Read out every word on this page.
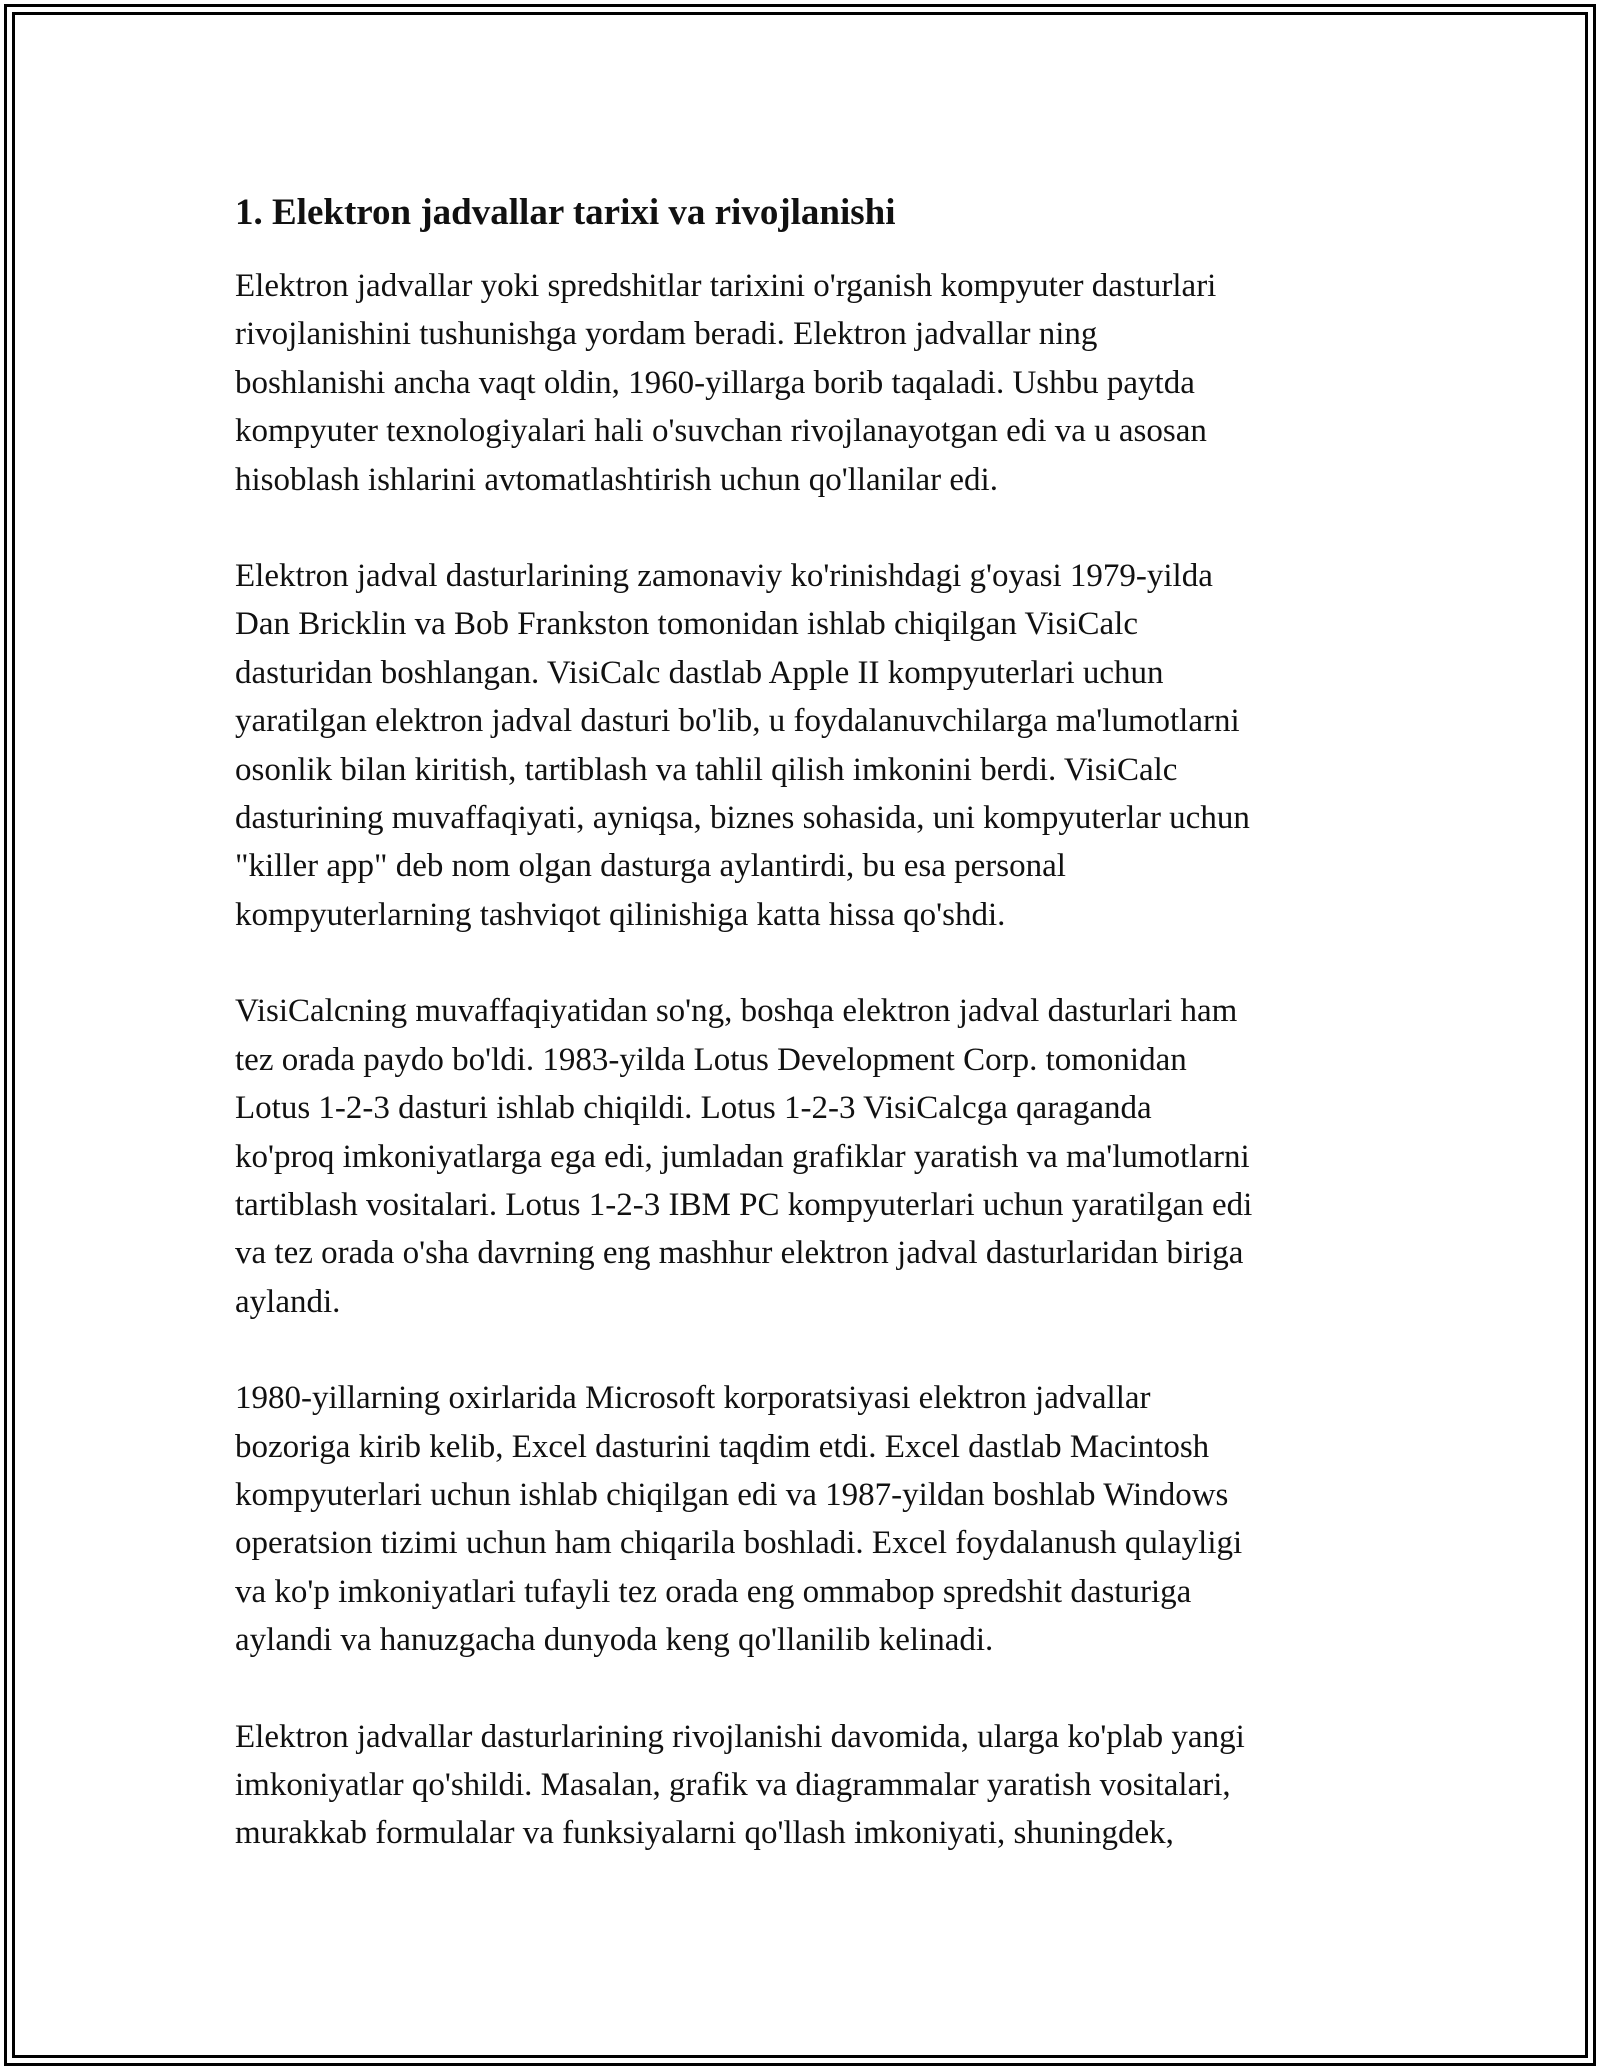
1. Elektron jadvallar tarixi va rivojlanishi

Elektron jadvallar yoki spredshitlar tarixini o'rganish kompyuter dasturlari
rivojlanishini tushunishga yordam beradi. Elektron jadvallar ning
boshlanishi ancha vaqt oldin, 1960-yillarga borib taqaladi. Ushbu paytda
kompyuter texnologiyalari hali o'suvchan rivojlanayotgan edi va u asosan
hisoblash ishlarini avtomatlashtirish uchun qo'llanilar edi.

Elektron jadval dasturlarining zamonaviy ko'rinishdagi g'oyasi 1979-yilda
Dan Bricklin va Bob Frankston tomonidan ishlab chiqilgan VisiCalc
dasturidan boshlangan. VisiCalc dastlab Apple II kompyuterlari uchun
yaratilgan elektron jadval dasturi bo'lib, u foydalanuvchilarga ma'lumotlarni
osonlik bilan kiritish, tartiblash va tahlil qilish imkonini berdi. VisiCalc
dasturining muvaffaqiyati, ayniqsa, biznes sohasida, uni kompyuterlar uchun
"killer app" deb nom olgan dasturga aylantirdi, bu esa personal
kompyuterlarning tashviqot qilinishiga katta hissa qo'shdi.

VisiCalcning muvaffaqiyatidan so'ng, boshqa elektron jadval dasturlari ham
tez orada paydo bo'ldi. 1983-yilda Lotus Development Corp. tomonidan
Lotus 1-2-3 dasturi ishlab chiqildi. Lotus 1-2-3 VisiCalcga qaraganda
ko'proq imkoniyatlarga ega edi, jumladan grafiklar yaratish va ma'lumotlarni
tartiblash vositalari. Lotus 1-2-3 IBM PC kompyuterlari uchun yaratilgan edi
va tez orada o'sha davrning eng mashhur elektron jadval dasturlaridan biriga
aylandi.

1980-yillarning oxirlarida Microsoft korporatsiyasi elektron jadvallar
bozoriga kirib kelib, Excel dasturini taqdim etdi. Excel dastlab Macintosh
kompyuterlari uchun ishlab chiqilgan edi va 1987-yildan boshlab Windows
operatsion tizimi uchun ham chiqarila boshladi. Excel foydalanush qulayligi
va ko'p imkoniyatlari tufayli tez orada eng ommabop spredshit dasturiga
aylandi va hanuzgacha dunyoda keng qo'llanilib kelinadi.

Elektron jadvallar dasturlarining rivojlanishi davomida, ularga ko'plab yangi
imkoniyatlar qo'shildi. Masalan, grafik va diagrammalar yaratish vositalari,
murakkab formulalar va funksiyalarni qo'llash imkoniyati, shuningdek,
